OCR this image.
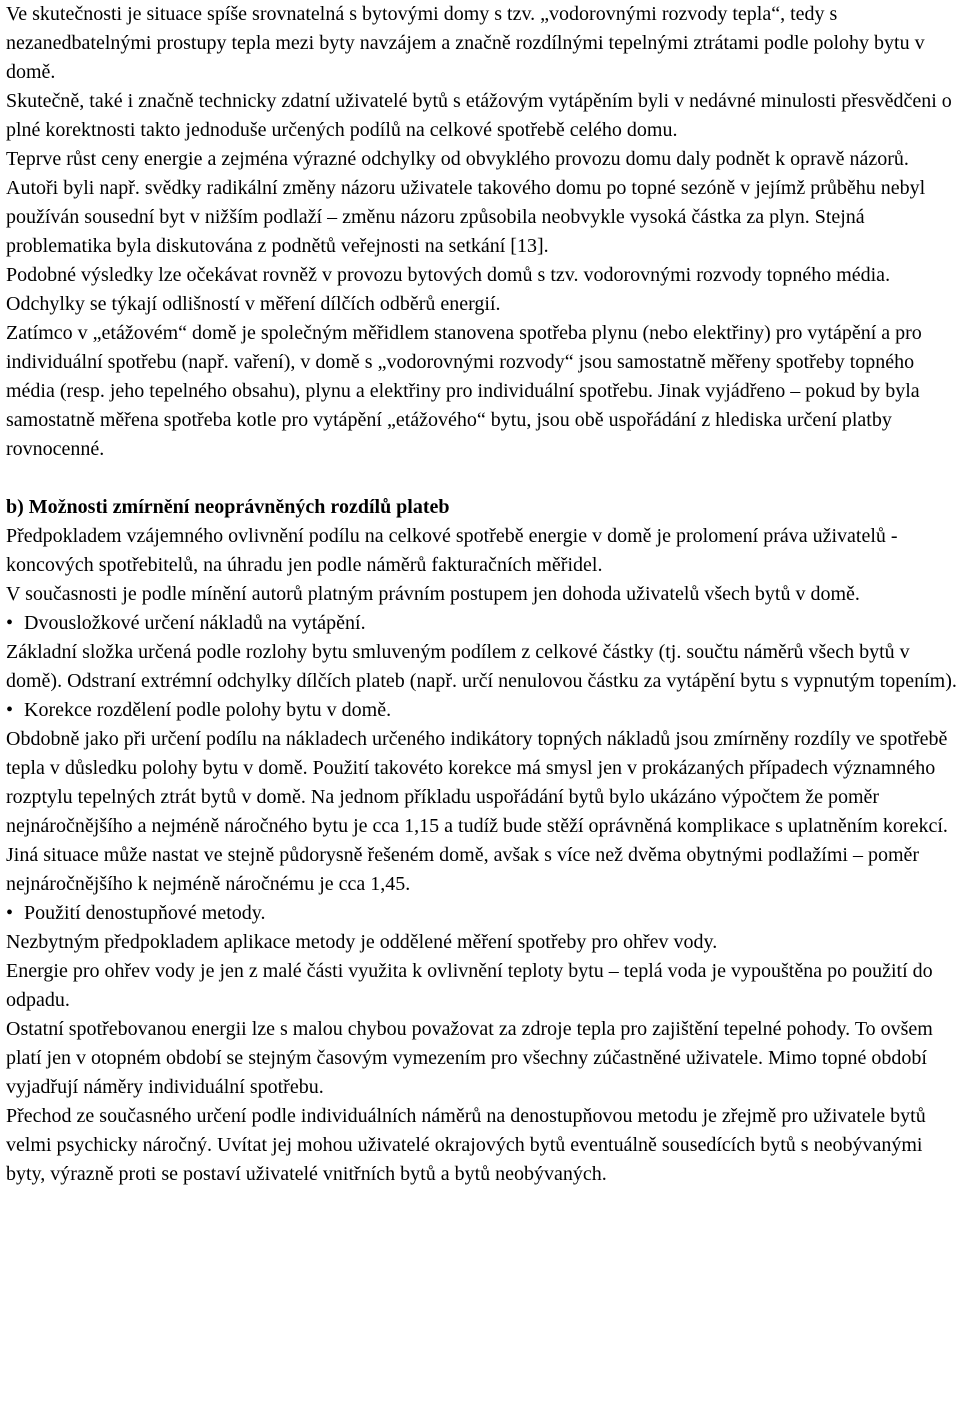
Ve skutečnosti je situace spíše srovnatelná s bytovými domy s tzv. „vodorovnými rozvody tepla“, tedy s nezanedbatelnými prostupy tepla mezi byty navzájem a značně rozdílnými tepelnými ztrátami podle polohy bytu v domě.

Skutečně, také i značně technicky zdatní uživatelé bytů s etážovým vytápěním byli v nedávné minulosti přesvědčeni o plné korektnosti takto jednoduše určených podílů na celkové spotřebě celého domu.

Teprve růst ceny energie a zejména výrazné odchylky od obvyklého provozu domu daly podnět k opravě názorů. Autoři byli např. svědky radikální změny názoru uživatele takového domu po topné sezóně v jejímž průběhu nebyl používán sousední byt v nižším podlaží – změnu názoru způsobila neobvykle vysoká částka za plyn. Stejná problematika byla diskutována z podnětů veřejnosti na setkání [13].

Podobné výsledky lze očekávat rovněž v provozu bytových domů s tzv. vodorovnými rozvody topného média. Odchylky se týkají odlišností v měření dílčích odběrů energií.

Zatímco v „etážovém“ domě je společným měřidlem stanovena spotřeba plynu (nebo elektřiny) pro vytápění a pro individuální spotřebu (např. vaření), v domě s „vodorovnými rozvody“ jsou samostatně měřeny spotřeby topného média (resp. jeho tepelného obsahu), plynu a elektřiny pro individuální spotřebu. Jinak vyjádřeno – pokud by byla samostatně měřena spotřeba kotle pro vytápění „etážového“ bytu, jsou obě uspořádání z hlediska určení platby rovnocenné.

b) Možnosti zmírnění neoprávněných rozdílů plateb

Předpokladem vzájemného ovlivnění podílu na celkové spotřebě energie v domě je prolomení práva uživatelů - koncových spotřebitelů, na úhradu jen podle náměrů fakturačních měřidel.

V současnosti je podle mínění autorů platným právním postupem jen dohoda uživatelů všech bytů v domě.

• Dvousložkové určení nákladů na vytápění.

Základní složka určená podle rozlohy bytu smluveným podílem z celkové částky (tj. součtu náměrů všech bytů v domě). Odstraní extrémní odchylky dílčích plateb (např. určí nenulovou částku za vytápění bytu s vypnutým topením).

• Korekce rozdělení podle polohy bytu v domě.

Obdobně jako při určení podílu na nákladech určeného indikátory topných nákladů jsou zmírněny rozdíly ve spotřebě tepla v důsledku polohy bytu v domě. Použití takovéto korekce má smysl jen v prokázaných případech významného rozptylu tepelných ztrát bytů v domě. Na jednom příkladu uspořádání bytů bylo ukázáno výpočtem že poměr nejnáročnějšího a nejméně náročného bytu je cca 1,15 a tudíž bude stěží oprávněná komplikace s uplatněním korekcí. Jiná situace může nastat ve stejně půdorysně řešeném domě, avšak s více než dvěma obytnými podlažími – poměr nejnáročnějšího k nejméně náročnému je cca 1,45.

• Použití denostupňové metody.

Nezbytným předpokladem aplikace metody je oddělené měření spotřeby pro ohřev vody.

Energie pro ohřev vody je jen z malé části využita k ovlivnění teploty bytu – teplá voda je vypouštěna po použití do odpadu.

Ostatní spotřebovanou energii lze s malou chybou považovat za zdroje tepla pro zajištění tepelné pohody. To ovšem platí jen v otopném období se stejným časovým vymezením pro všechny zúčastněné uživatele. Mimo topné období vyjadřují náměry individuální spotřebu.

Přechod ze současného určení podle individuálních náměrů na denostupňovou metodu je zřejmě pro uživatele bytů velmi psychicky náročný. Uvítat jej mohou uživatelé okrajových bytů eventuálně sousedících bytů s neobývanými byty, výrazně proti se postaví uživatelé vnitřních bytů a bytů neobývaných.
